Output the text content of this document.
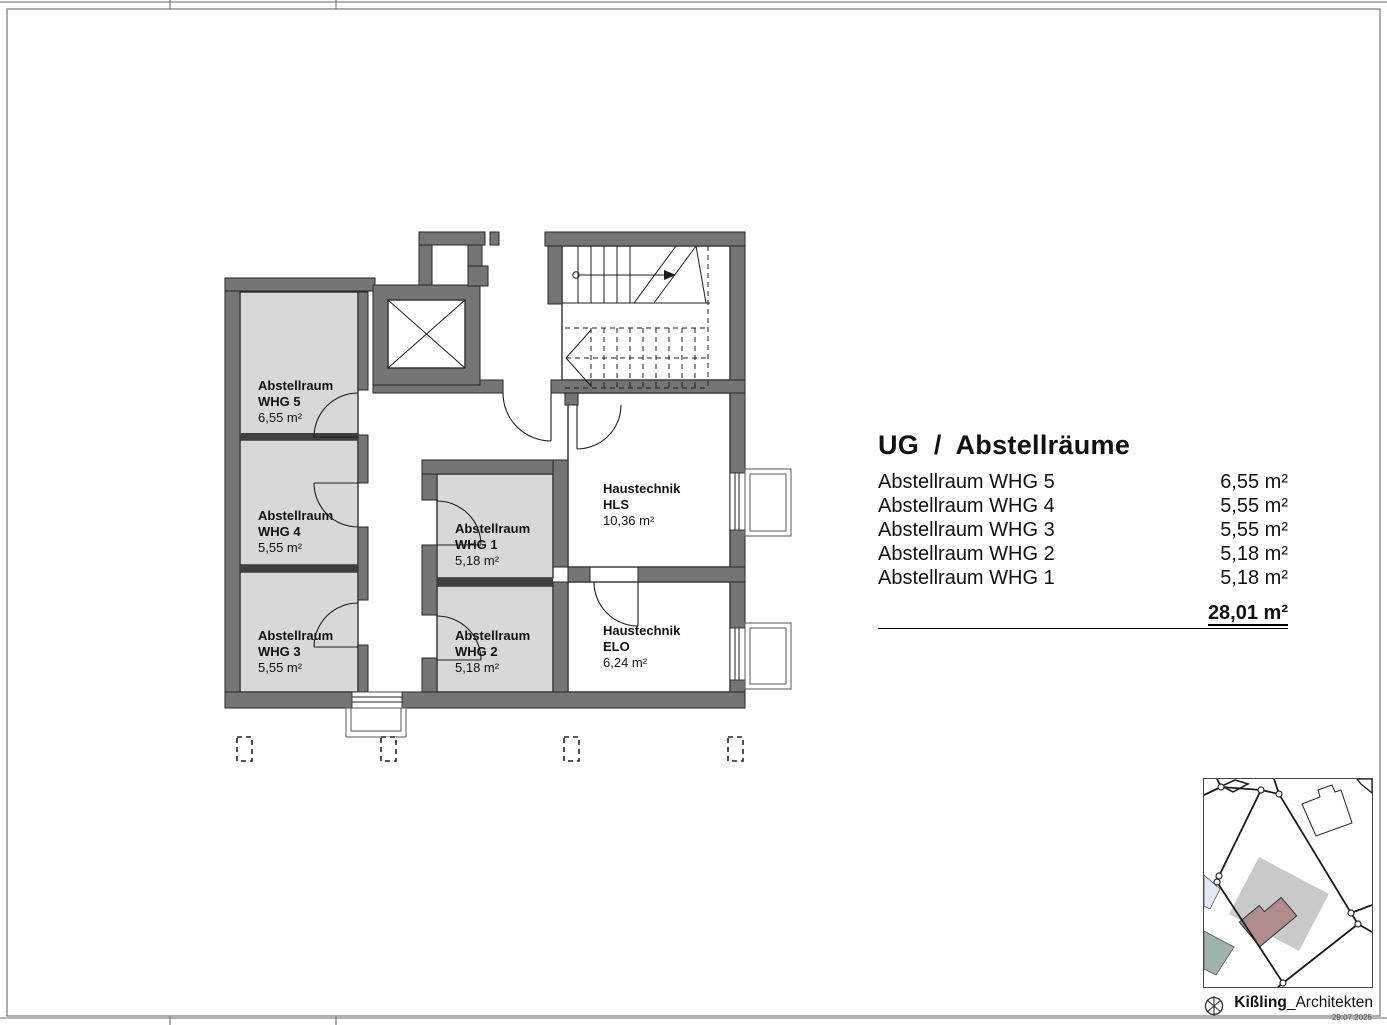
Abstellraum
WHG 5
6,55 m²
Abstellraum
WHG 4
5,55 m²
Abstellraum
WHG 3
5,55 m²
Abstellraum
WHG 1
5,18 m²
Abstellraum
WHG 2
5,18 m²
Haustechnik
HLS
10,36 m²
Haustechnik
ELO
6,24 m²
UG / Abstellräume
Abstellraum WHG 5	6,55 m²
Abstellraum WHG 4	5,55 m²
Abstellraum WHG 3	5,55 m²
Abstellraum WHG 2	5,18 m²
Abstellraum WHG 1	5,18 m²
28,01 m²
Kißling_Architekten
29.07.2025
